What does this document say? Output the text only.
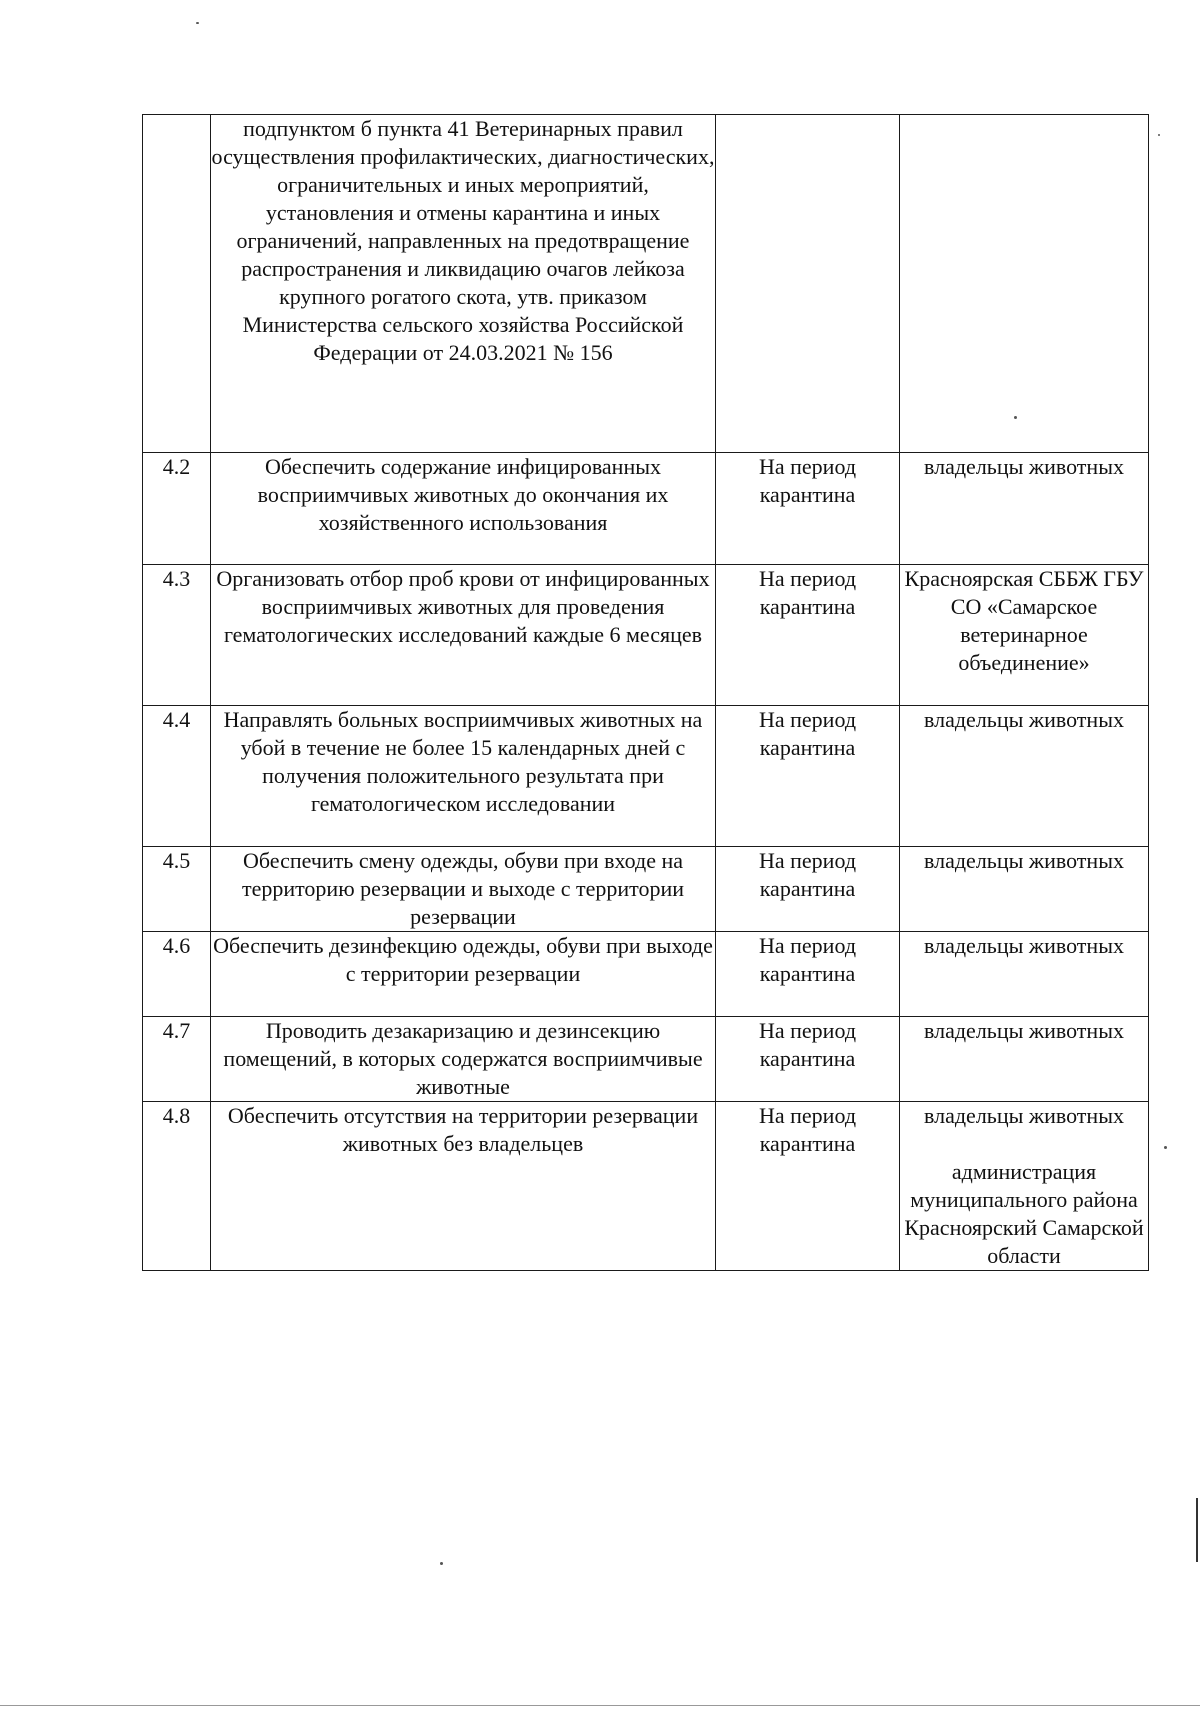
	подпунктом б пункта 41 Ветеринарных правил осуществления профилактических, диагностических, ограничительных и иных мероприятий, установления и отмены карантина и иных ограничений, направленных на предотвращение распространения и ликвидацию очагов лейкоза крупного рогатого скота, утв. приказом Министерства сельского хозяйства Российской Федерации от 24.03.2021 № 156		
4.2	Обеспечить содержание инфицированных восприимчивых животных до окончания их хозяйственного использования	На период карантина	владельцы животных

4.3	Организовать отбор проб крови от инфицированных восприимчивых животных для проведения гематологических исследований каждые 6 месяцев	На период карантина	Красноярская СББЖ ГБУ СО «Самарское ветеринарное объединение»

4.4	Направлять больных восприимчивых животных на убой в течение не более 15 календарных дней с получения положительного результата при гематологическом исследовании	На период карантина	владельцы животных

4.5	Обеспечить смену одежды, обуви при входе на территорию резервации и выходе с территории резервации	На период карантина	владельцы животных

4.6	Обеспечить дезинфекцию одежды, обуви при выходе с территории резервации	На период карантина	владельцы животных

4.7	Проводить дезакаризацию и дезинсекцию помещений, в которых содержатся восприимчивые животные	На период карантина	владельцы животных

4.8	Обеспечить отсутствия на территории резервации животных без владельцев	На период карантина	владельцы животных
администрация муниципального района Красноярский Самарской области
